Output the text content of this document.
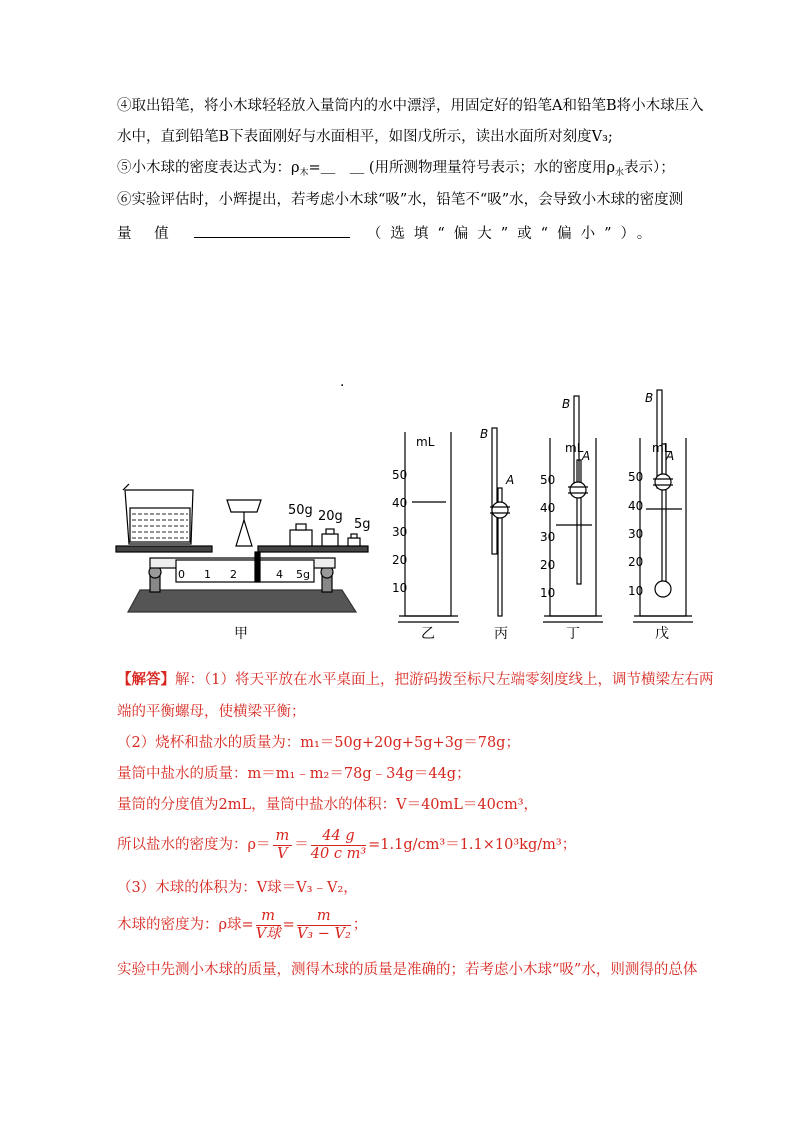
④取出铅笔，将小木球轻轻放入量筒内的水中漂浮，用固定好的铅笔A和铅笔B将小木球压入
水中，直到铅笔B下表面刚好与水面相平，如图戊所示，读出水面所对刻度V₃;
⑤小木球的密度表达式为：$\rho_木=\_$　＿ (用所测物理量符号表示；水的密度用$\rho_水$表示）；
⑥实验评估时，小辉提出，若考虑小木球“吸”水，铅笔不“吸”水，会导致小木球的密度测
量 值	（选填“偏大”或“偏小”）。
.
50g 20g
5g
0 1 2 3 4 5g
mL
50
40
30
20
10
B
A
mL
B
A
50
40
30
20
10
mL
B
A
50
40
30
20
10
甲	乙	丙	丁	戊
【解答】解：（1）将天平放在水平桌面上，把游码拨至标尺左端零刻度线上，调节横梁左右两
端的平衡螺母，使横梁平衡；
（2）烧杯和盐水的质量为：m₁＝50g+20g+5g+3g＝78g；
量筒中盐水的质量：m＝m₁﹣m₂＝78g﹣34g＝44g；
量筒的分度值为2mL，量筒中盐水的体积：V＝40mL＝40cm³，
所以盐水的密度为：$\rho= \frac{m}{V} = \frac{44 g}{\text{40 c m³}} =1.1g/cm^3=1.1\times 10^3kg/m^3$；
（3）木球的体积为：V球＝V₃﹣V₂，
木球的密度为：ρ球= $\frac{m}{\text{V球}} = \frac{m}{\text{V₃ − V₂}}$ ；
实验中先测小木球的质量，测得木球的质量是准确的；若考虑小木球“吸”水，则测得的总体
